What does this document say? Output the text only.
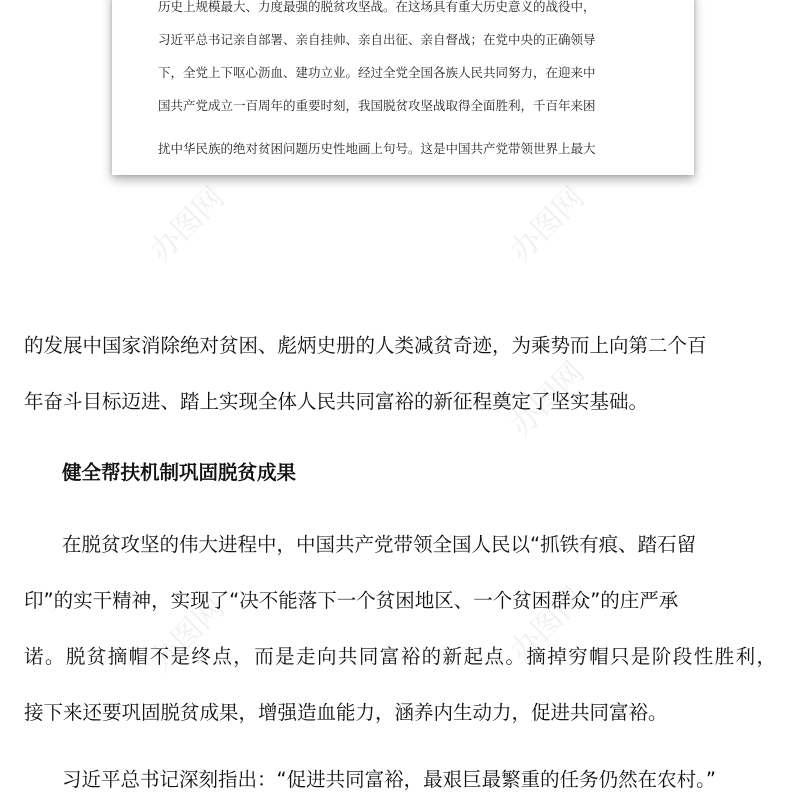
历史上规模最大、力度最强的脱贫攻坚战。在这场具有重大历史意义的战役中，
习近平总书记亲自部署、亲自挂帅、亲自出征、亲自督战；在党中央的正确领导
下，全党上下呕心沥血、建功立业。经过全党全国各族人民共同努力，在迎来中
国共产党成立一百周年的重要时刻，我国脱贫攻坚战取得全面胜利，千百年来困
扰中华民族的绝对贫困问题历史性地画上句号。这是中国共产党带领世界上最大
办图网	办图网
办图网
办图网	办图网
的发展中国家消除绝对贫困、彪炳史册的人类减贫奇迹，为乘势而上向第二个百
年奋斗目标迈进、踏上实现全体人民共同富裕的新征程奠定了坚实基础。
健全帮扶机制巩固脱贫成果
在脱贫攻坚的伟大进程中，中国共产党带领全国人民以“抓铁有痕、踏石留
印”的实干精神，实现了“决不能落下一个贫困地区、一个贫困群众”的庄严承
诺。脱贫摘帽不是终点，而是走向共同富裕的新起点。摘掉穷帽只是阶段性胜利，
接下来还要巩固脱贫成果，增强造血能力，涵养内生动力，促进共同富裕。
习近平总书记深刻指出：“促进共同富裕，最艰巨最繁重的任务仍然在农村。”
